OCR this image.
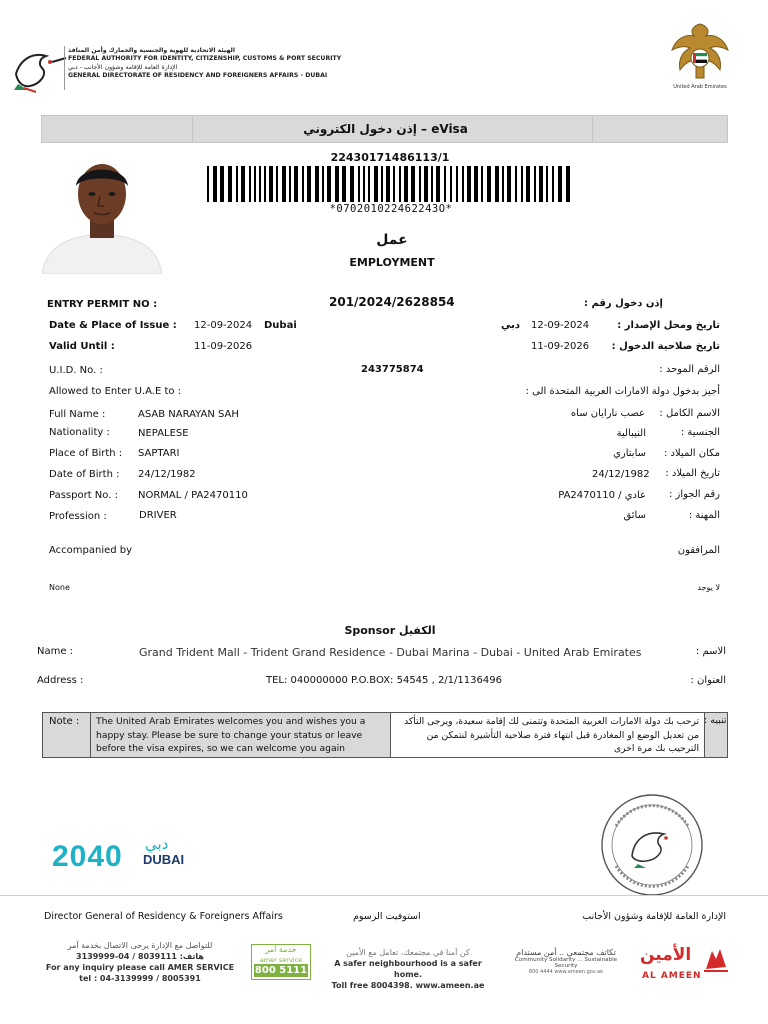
الهيئة الاتحادية للهوية والجنسية والجمارك وأمن المنافذ
FEDERAL AUTHORITY FOR IDENTITY, CITIZENSHIP, CUSTOMS & PORT SECURITY
الإدارة العامة للإقامة وشؤون الأجانب - دبي
GENERAL DIRECTORATE OF RESIDENCY AND FOREIGNERS AFFAIRS - DUBAI
United Arab Emirates
إذن دخول الكتروني – eVisa
22430171486113/1
*070201022462243O*
عمل
EMPLOYMENT
ENTRY PERMIT NO :	201/2024/2628854	إذن دخول رقم :
Date & Place of Issue : 12-09-2024 Dubai	دبي 12-09-2024	تاريخ ومحل الإصدار :
Valid Until :	11-09-2026	11-09-2026 تاريخ صلاحية الدخول :
U.I.D. No. :	243775874	الرقم الموحد :
Allowed to Enter U.A.E to :	أجيز بدخول دولة الامارات العربية المتحدة الى :
Full Name :	ASAB NARAYAN SAH	عصب نارايان ساه الاسم الكامل :
Nationality :	NEPALESE	النيبالية	الجنسية :
Place of Birth : SAPTARI	سابتاري مكان الميلاد :
Date of Birth : 24/12/1982	24/12/1982 تاريخ الميلاد :
Passport No. : NORMAL / PA2470110	عادي / PA2470110 رقم الجواز :
Profession :	DRIVER	سائق	المهنة :
Accompanied by	المرافقون
None	لا يوجد
Sponsor الكفيل
Name :	Grand Trident Mall - Trident Grand Residence - Dubai Marina - Dubai - United Arab Emirates	الاسم :
Address :	TEL: 040000000 P.O.BOX: 54545 , 2/1/1136496	العنوان :
Note :	The United Arab Emirates welcomes you and wishes you a happy stay. Please be sure to change your status or leave before the visa expires, so we can welcome you again
ترحب بك دولة الامارات العربية المتحدة وتتمنى لك إقامة سعيدة، ويرجى التأكد من تعديل الوضع او المغادرة قبل انتهاء فترة صلاحية التأشيرة لنتمكن من الترحيب بك مرة اخرى
تنبيه :
2040 دبي
DUBAI
Director General of Residency & Foreigners Affairs	استوفيت الرسوم	الإدارة العامة للإقامة وشؤون الأجانب
للتواصل مع الإدارة يرجى الاتصال بخدمة آمر
هاتف: 8039111 / 04-3139999
For any inquiry please call AMER SERVICE
tel : 04-3139999 / 8005391
خدمة آمر
amer service
800 5111
كن آمنا في مجتمعك، تعامل مع الأمين
A safer neighbourhood is a safer home.
Toll free 8004398. www.ameen.ae
تكاتف مجتمعي .. أمن مستدام
Community Solidarity ... Sustainable Security
800 4444 www.ameen.gov.ae
الأمين
AL AMEEN
